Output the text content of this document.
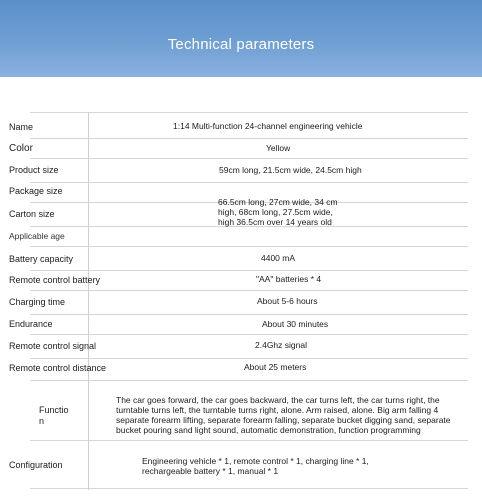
Technical parameters
Name
Color
Product size
Package size
Carton size
Applicable age
Battery capacity
Remote control battery
Charging time
Endurance
Remote control signal
Remote control distance
Functio n
Configuration
1:14 Multi-function 24-channel engineering vehicle
Yellow
59cm long, 21.5cm wide, 24.5cm high
66.5cm long, 27cm wide, 34 cm high, 68cm long, 27.5cm wide, high 36.5cm over 14 years old
4400 mA
"AA" batteries * 4
About 5-6 hours
About 30 minutes
2.4Ghz signal
About 25 meters
The car goes forward, the car goes backward, the car turns left, the car turns right, the turntable turns left, the turntable turns right, alone. Arm raised, alone. Big arm falling 4 separate forearm lifting, separate forearm falling, separate bucket digging sand, separate bucket pouring sand light sound, automatic demonstration, function programming
Engineering vehicle * 1, remote control * 1, charging line * 1, rechargeable battery * 1, manual * 1
